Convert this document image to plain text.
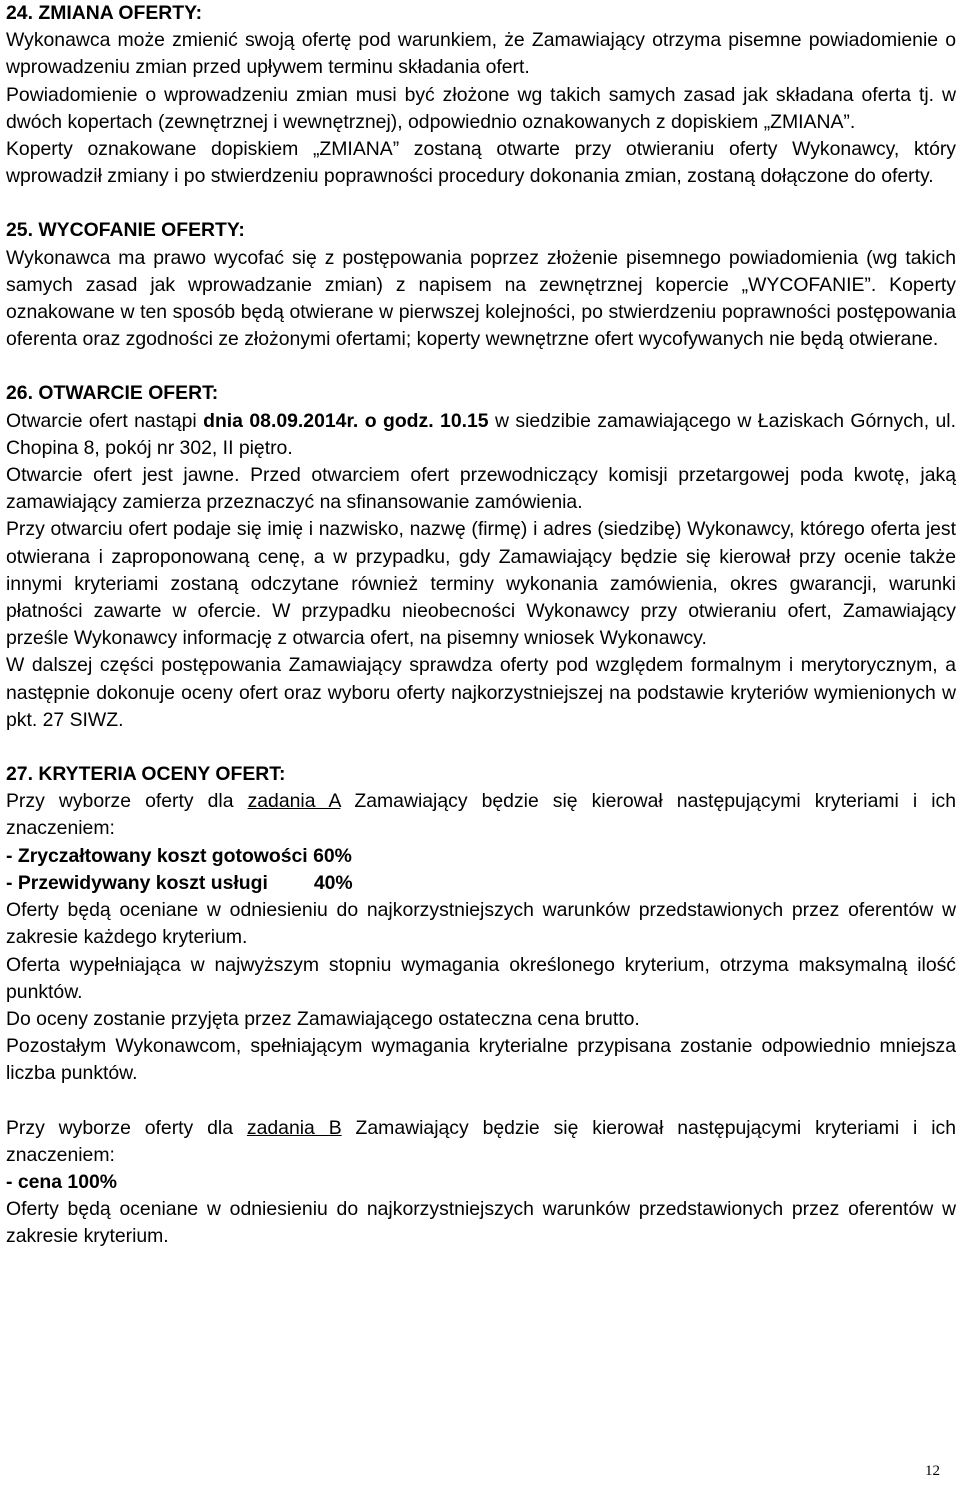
24. ZMIANA OFERTY:

Wykonawca może zmienić swoją ofertę pod warunkiem, że Zamawiający otrzyma pisemne powiadomienie o wprowadzeniu zmian przed upływem terminu składania ofert.

Powiadomienie o wprowadzeniu zmian musi być złożone wg takich samych zasad jak składana oferta tj. w dwóch kopertach (zewnętrznej i wewnętrznej), odpowiednio oznakowanych z dopiskiem „ZMIANA”.

Koperty oznakowane dopiskiem „ZMIANA” zostaną otwarte przy otwieraniu oferty Wykonawcy, który wprowadził zmiany i po stwierdzeniu poprawności procedury dokonania zmian, zostaną dołączone do oferty.

25. WYCOFANIE OFERTY:

Wykonawca ma prawo wycofać się z postępowania poprzez złożenie pisemnego powiadomienia (wg takich samych zasad jak wprowadzanie zmian) z napisem na zewnętrznej kopercie „WYCOFANIE”. Koperty oznakowane w ten sposób będą otwierane w pierwszej kolejności, po stwierdzeniu poprawności postępowania oferenta oraz zgodności ze złożonymi ofertami; koperty wewnętrzne ofert wycofywanych nie będą otwierane.

26. OTWARCIE OFERT:

Otwarcie ofert nastąpi dnia 08.09.2014r. o godz. 10.15 w siedzibie zamawiającego w Łaziskach Górnych, ul. Chopina 8, pokój nr 302, II piętro.

Otwarcie ofert jest jawne. Przed otwarciem ofert przewodniczący komisji przetargowej poda kwotę, jaką zamawiający zamierza przeznaczyć na sfinansowanie zamówienia.

Przy otwarciu ofert podaje się imię i nazwisko, nazwę (firmę) i adres (siedzibę) Wykonawcy, którego oferta jest otwierana i zaproponowaną cenę, a w przypadku, gdy Zamawiający będzie się kierował przy ocenie także innymi kryteriami zostaną odczytane również terminy wykonania zamówienia, okres gwarancji, warunki płatności zawarte w ofercie. W przypadku nieobecności Wykonawcy przy otwieraniu ofert, Zamawiający prześle Wykonawcy informację z otwarcia ofert, na pisemny wniosek Wykonawcy.

W dalszej części postępowania Zamawiający sprawdza oferty pod względem formalnym i merytorycznym, a następnie dokonuje oceny ofert oraz wyboru oferty najkorzystniejszej na podstawie kryteriów wymienionych w pkt. 27 SIWZ.

27. KRYTERIA OCENY OFERT:

Przy wyborze oferty dla zadania A Zamawiający będzie się kierował następującymi kryteriami i ich znaczeniem:

- Zryczałtowany koszt gotowości 60%

- Przewidywany koszt usługi 40%

Oferty będą oceniane w odniesieniu do najkorzystniejszych warunków przedstawionych przez oferentów w zakresie każdego kryterium.

Oferta wypełniająca w najwyższym stopniu wymagania określonego kryterium, otrzyma maksymalną ilość punktów.

Do oceny zostanie przyjęta przez Zamawiającego ostateczna cena brutto.

Pozostałym Wykonawcom, spełniającym wymagania kryterialne przypisana zostanie odpowiednio mniejsza liczba punktów.

Przy wyborze oferty dla zadania B Zamawiający będzie się kierował następującymi kryteriami i ich znaczeniem:

- cena 100%

Oferty będą oceniane w odniesieniu do najkorzystniejszych warunków przedstawionych przez oferentów w zakresie kryterium.

12
